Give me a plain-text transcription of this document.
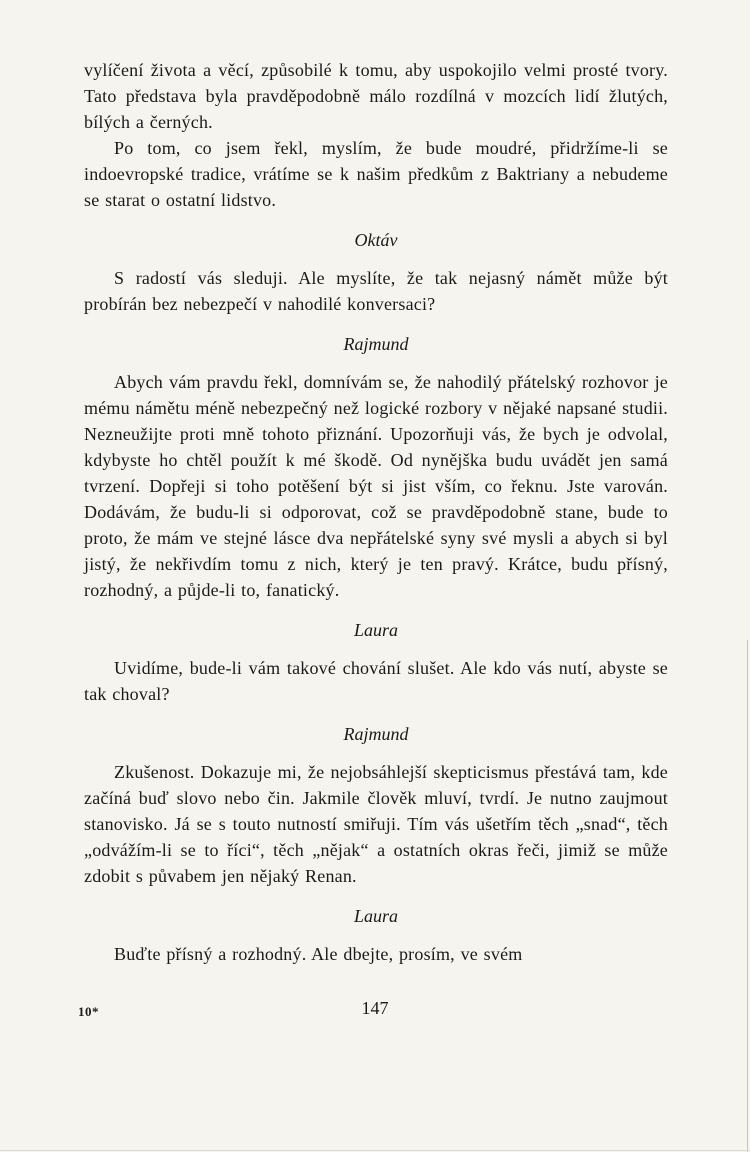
vylíčení života a věcí, způsobilé k tomu, aby uspokojilo velmi prosté tvory. Tato představa byla pravděpodobně málo rozdílná v mozcích lidí žlutých, bílých a černých.

Po tom, co jsem řekl, myslím, že bude moudré, přidržíme-li se indoevropské tradice, vrátíme se k našim předkům z Baktriany a nebudeme se starat o ostatní lidstvo.

Oktáv

S radostí vás sleduji. Ale myslíte, že tak nejasný námět může být probírán bez nebezpečí v nahodilé konversaci?

Rajmund

Abych vám pravdu řekl, domnívám se, že nahodilý přátelský rozhovor je mému námětu méně nebezpečný než logické rozbory v nějaké napsané studii. Nezneužijte proti mně tohoto přiznání. Upozorňuji vás, že bych je odvolal, kdybyste ho chtěl použít k mé škodě. Od nynějška budu uvádět jen samá tvrzení. Dopřeji si toho potěšení být si jist vším, co řeknu. Jste varován. Dodávám, že budu-li si odporovat, což se pravděpodobně stane, bude to proto, že mám ve stejné lásce dva nepřátelské syny své mysli a abych si byl jistý, že nekřivdím tomu z nich, který je ten pravý. Krátce, budu přísný, rozhodný, a půjde-li to, fanatický.

Laura

Uvidíme, bude-li vám takové chování slušet. Ale kdo vás nutí, abyste se tak choval?

Rajmund

Zkušenost. Dokazuje mi, že nejobsáhlejší skepticismus přestává tam, kde začíná buď slovo nebo čin. Jakmile člověk mluví, tvrdí. Je nutno zaujmout stanovisko. Já se s touto nutností smiřuji. Tím vás ušetřím těch „snad“, těch „odvážím-li se to říci“, těch „nějak“ a ostatních okras řeči, jimiž se může zdobit s půvabem jen nějaký Renan.

Laura

Buďte přísný a rozhodný. Ale dbejte, prosím, ve svém

10*	147
